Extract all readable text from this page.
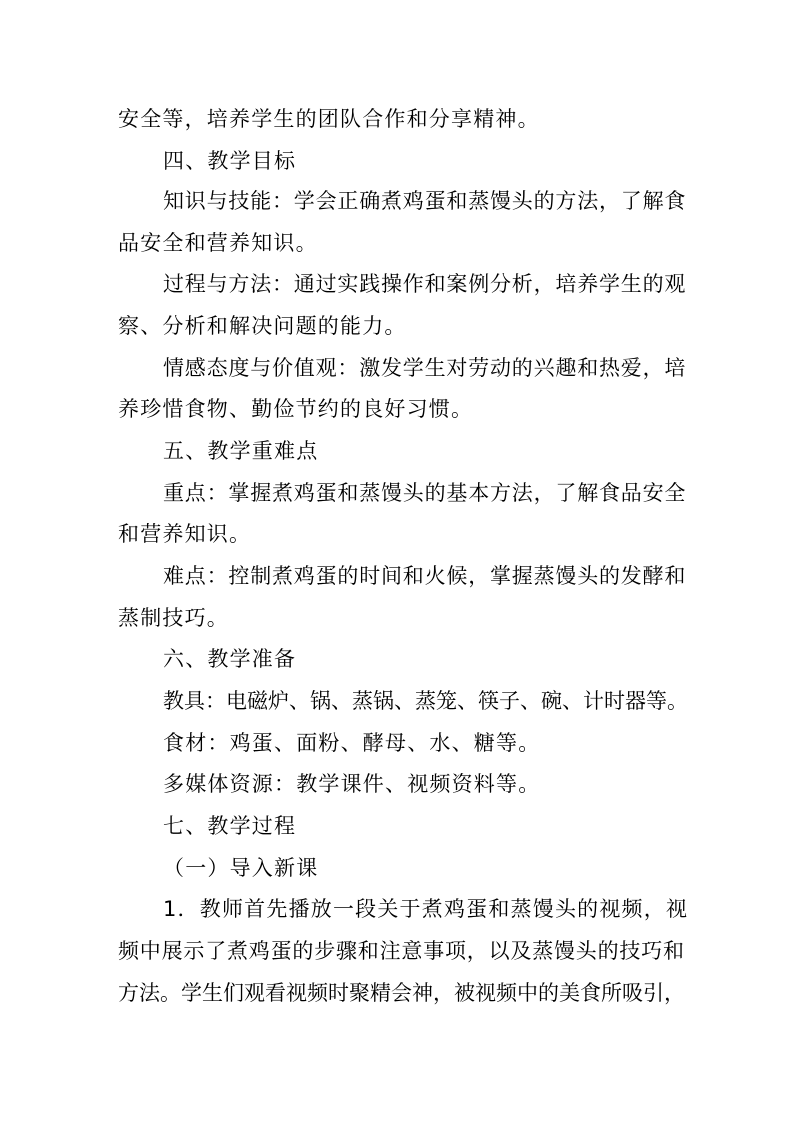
安全等，培养学生的团队合作和分享精神。
四、教学目标
知识与技能：学会正确煮鸡蛋和蒸馒头的方法，了解食
品安全和营养知识。
过程与方法：通过实践操作和案例分析，培养学生的观
察、分析和解决问题的能力。
情感态度与价值观：激发学生对劳动的兴趣和热爱，培
养珍惜食物、勤俭节约的良好习惯。
五、教学重难点
重点：掌握煮鸡蛋和蒸馒头的基本方法，了解食品安全
和营养知识。
难点：控制煮鸡蛋的时间和火候，掌握蒸馒头的发酵和
蒸制技巧。
六、教学准备
教具：电磁炉、锅、蒸锅、蒸笼、筷子、碗、计时器等。
食材：鸡蛋、面粉、酵母、水、糖等。
多媒体资源：教学课件、视频资料等。
七、教学过程
（一）导入新课
1．教师首先播放一段关于煮鸡蛋和蒸馒头的视频，视
频中展示了煮鸡蛋的步骤和注意事项，以及蒸馒头的技巧和
方法。学生们观看视频时聚精会神，被视频中的美食所吸引，
